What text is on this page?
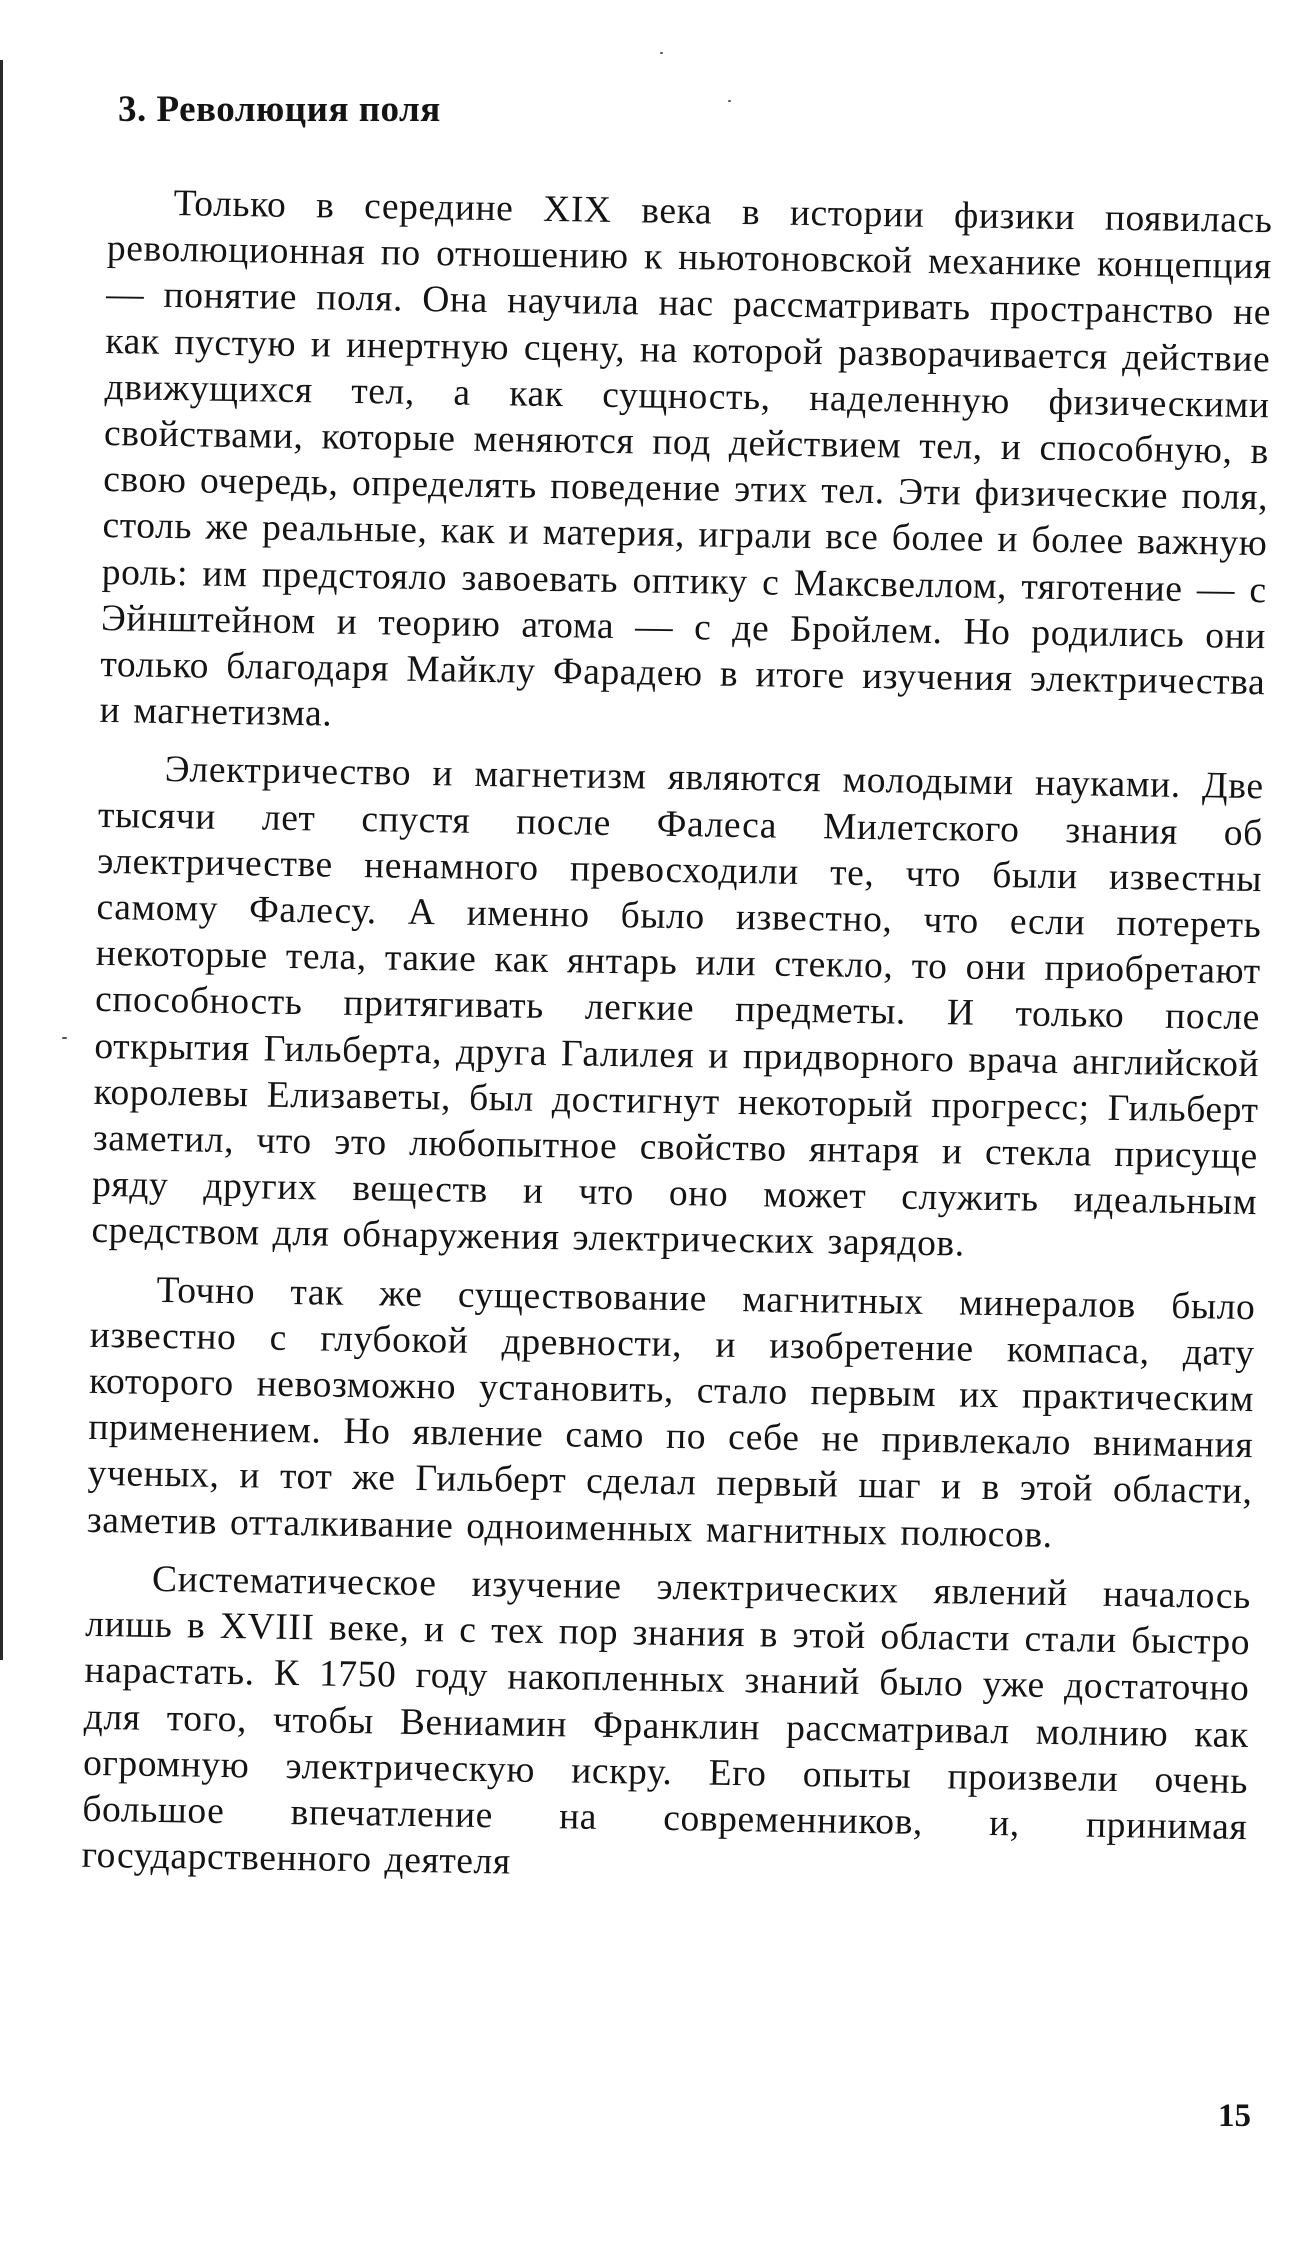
3. Революция поля

Только в середине XIX века в истории физики появилась революционная по отношению к ньютоновской механике концепция — понятие поля. Она научила нас рассматривать пространство не как пустую и инертную сцену, на которой разворачивается действие движущихся тел, а как сущность, наделенную физическими свойствами, которые меняются под действием тел, и способную, в свою очередь, определять поведение этих тел. Эти физические поля, столь же реальные, как и материя, играли все более и более важную роль: им предстояло завоевать оптику с Максвеллом, тяготение — с Эйнштейном и теорию атома — с де Бройлем. Но родились они только благодаря Майклу Фарадею в итоге изучения электричества и магнетизма.

Электричество и магнетизм являются молодыми науками. Две тысячи лет спустя после Фалеса Милетского знания об электричестве ненамного превосходили те, что были известны самому Фалесу. А именно было известно, что если потереть некоторые тела, такие как янтарь или стекло, то они приобретают способность притягивать легкие предметы. И только после открытия Гильберта, друга Галилея и придворного врача английской королевы Елизаветы, был достигнут некоторый прогресс; Гильберт заметил, что это любопытное свойство янтаря и стекла присуще ряду других веществ и что оно может служить идеальным средством для обнаружения электрических зарядов.

Точно так же существование магнитных минералов было известно с глубокой древности, и изобретение компаса, дату которого невозможно установить, стало первым их практическим применением. Но явление само по себе не привлекало внимания ученых, и тот же Гильберт сделал первый шаг и в этой области, заметив отталкивание одноименных магнитных полюсов.

Систематическое изучение электрических явлений началось лишь в XVIII веке, и с тех пор знания в этой области стали быстро нарастать. К 1750 году накопленных знаний было уже достаточно для того, чтобы Вениамин Франклин рассматривал молнию как огромную электрическую искру. Его опыты произвели очень большое впечатление на современников, и, принимая государственного деятеля

15
